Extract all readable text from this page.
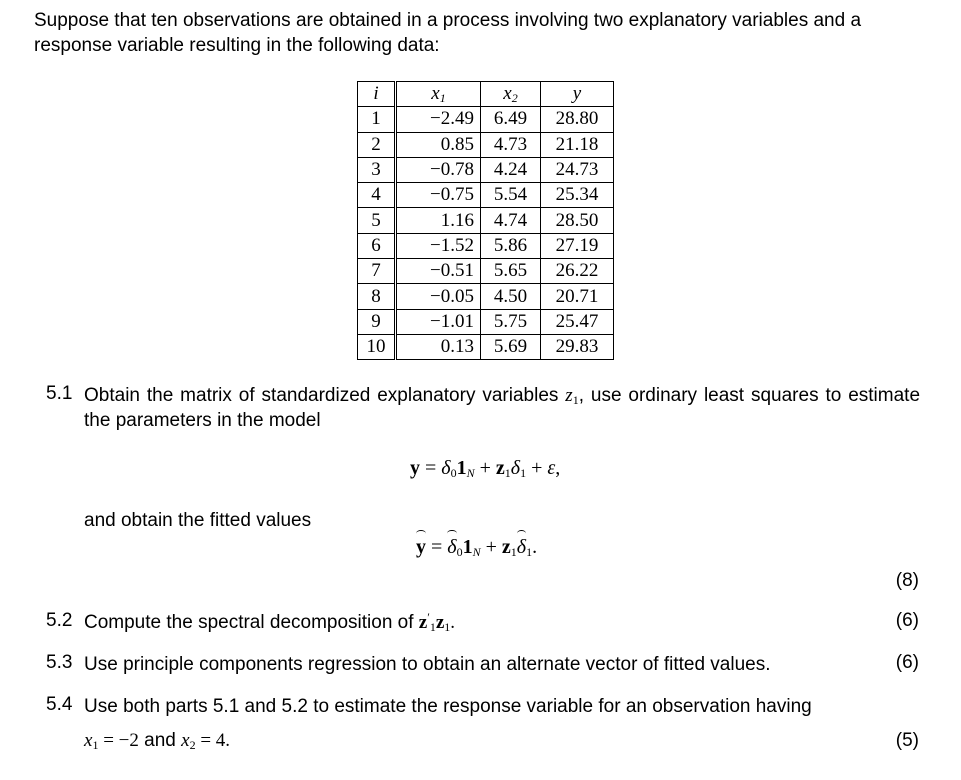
Suppose that ten observations are obtained in a process involving two explanatory variables and a response variable resulting in the following data:
i	$x_1$	$x_2$	y
1	−2.49	6.49	28.80
2	0.85	4.73	21.18
3	−0.78	4.24	24.73
4	−0.75	5.54	25.34
5	1.16	4.74	28.50
6	−1.52	5.86	27.19
7	−0.51	5.65	26.22
8	−0.05	4.50	20.71
9	−1.01	5.75	25.47
10	0.13	5.69	29.83
5.1 Obtain the matrix of standardized explanatory variables $z_1$, use ordinary least squares to estimate the parameters in the model
$y = \delta_01_N + z_1\delta_1 + \varepsilon$,
and obtain the fitted values
$y = \delta_01_N + z_1\delta_1$.
(8)
5.2 Compute the spectral decomposition of $z'_1z_1$.	(6)
5.3 Use principle components regression to obtain an alternate vector of fitted values.	(6)
5.4 Use both parts 5.1 and 5.2 to estimate the response variable for an observation having
$x_1 = -2$ and $x_2 = 4$.	(5)
